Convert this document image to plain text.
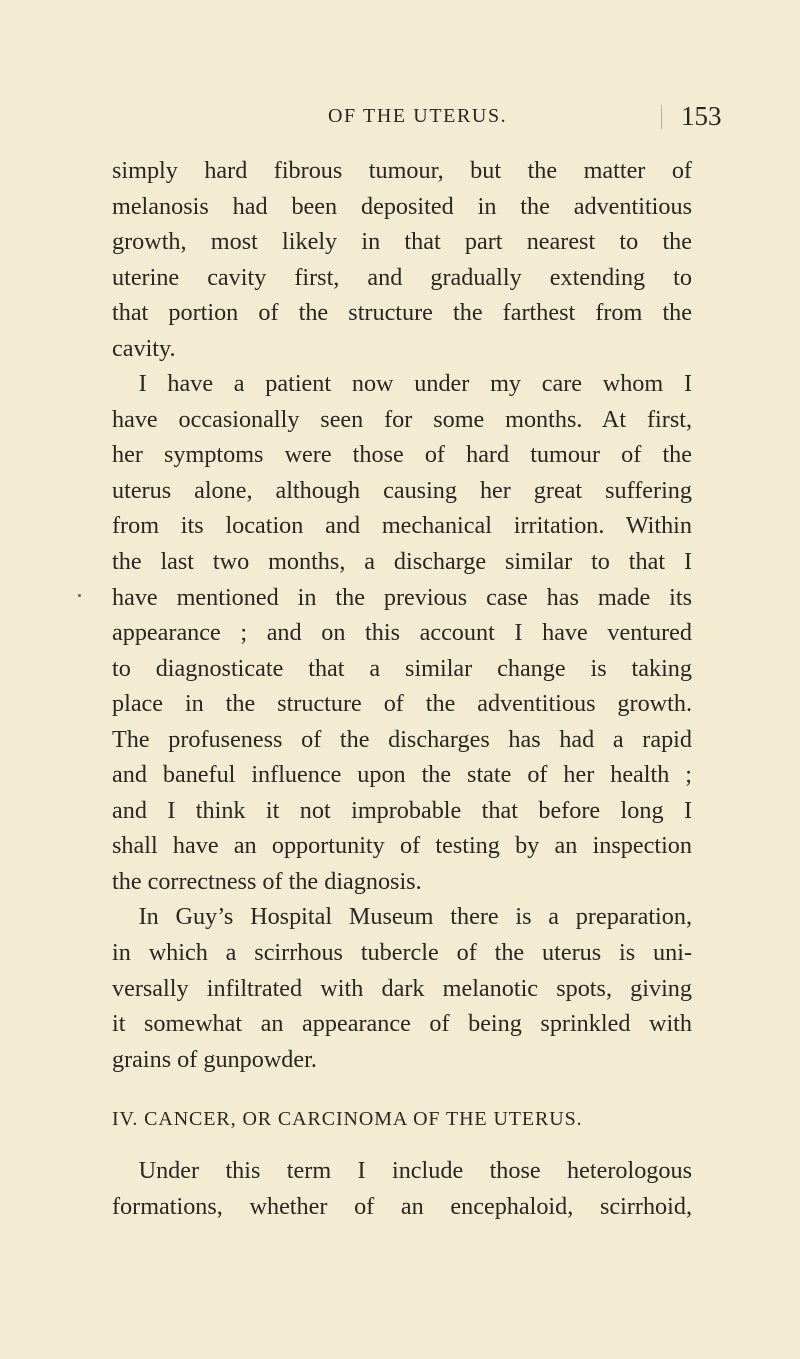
OF THE UTERUS.	153

simply hard fibrous tumour, but the matter of

melanosis had been deposited in the adventitious

growth, most likely in that part nearest to the

uterine cavity first, and gradually extending to

that portion of the structure the farthest from the

cavity.

I have a patient now under my care whom I

have occasionally seen for some months. At first,

her symptoms were those of hard tumour of the

uterus alone, although causing her great suffering

from its location and mechanical irritation. Within

the last two months, a discharge similar to that I

have mentioned in the previous case has made its

appearance ; and on this account I have ventured

to diagnosticate that a similar change is taking

place in the structure of the adventitious growth.

The profuseness of the discharges has had a rapid

and baneful influence upon the state of her health ;

and I think it not improbable that before long I

shall have an opportunity of testing by an inspection

the correctness of the diagnosis.

In Guy’s Hospital Museum there is a preparation,

in which a scirrhous tubercle of the uterus is uni-

versally infiltrated with dark melanotic spots, giving

it somewhat an appearance of being sprinkled with

grains of gunpowder.

IV. CANCER, OR CARCINOMA OF THE UTERUS.

Under this term I include those heterologous

formations, whether of an encephaloid, scirrhoid,
